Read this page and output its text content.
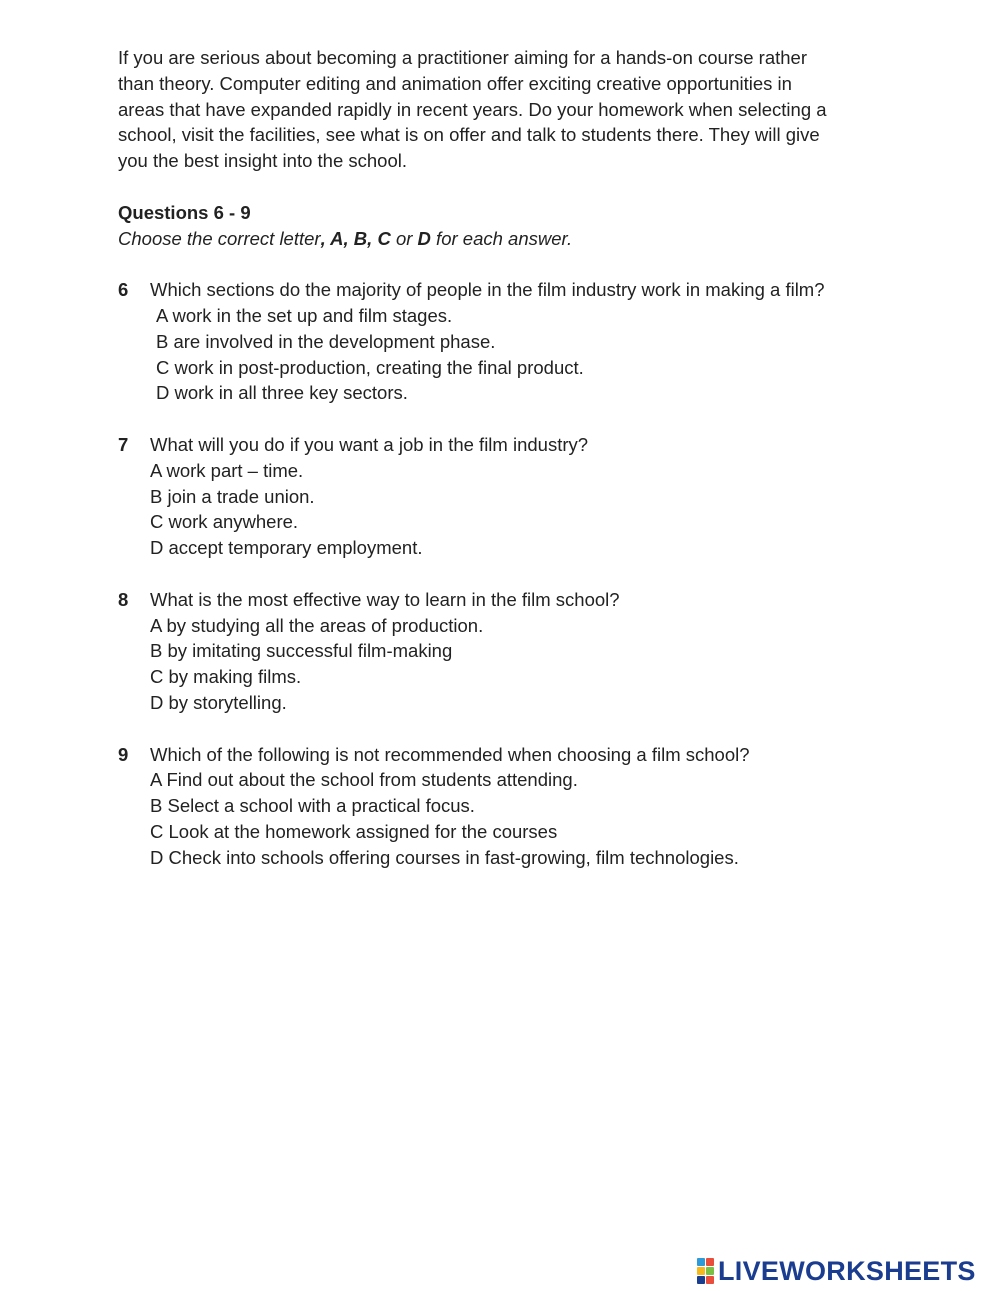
If you are serious about becoming a practitioner aiming for a hands-on course rather
than theory. Computer editing and animation offer exciting creative opportunities in
areas that have expanded rapidly in recent years. Do your homework when selecting a
school, visit the facilities, see what is on offer and talk to students there. They will give
you the best insight into the school.
Questions 6 - 9
Choose the correct letter, A, B, C or D for each answer.
6	Which sections do the majority of people in the film industry work in making a film?
A work in the set up and film stages.
B are involved in the development phase.
C work in post-production, creating the final product.
D work in all three key sectors.
7	What will you do if you want a job in the film industry?
A work part – time.
B join a trade union.
C work anywhere.
D accept temporary employment.
8	What is the most effective way to learn in the film school?
A by studying all the areas of production.
B by imitating successful film-making
C by making films.
D by storytelling.
9	Which of the following is not recommended when choosing a film school?
A Find out about the school from students attending.
B Select a school with a practical focus.
C Look at the homework assigned for the courses
D Check into schools offering courses in fast-growing, film technologies.
LIVEWORKSHEETS
